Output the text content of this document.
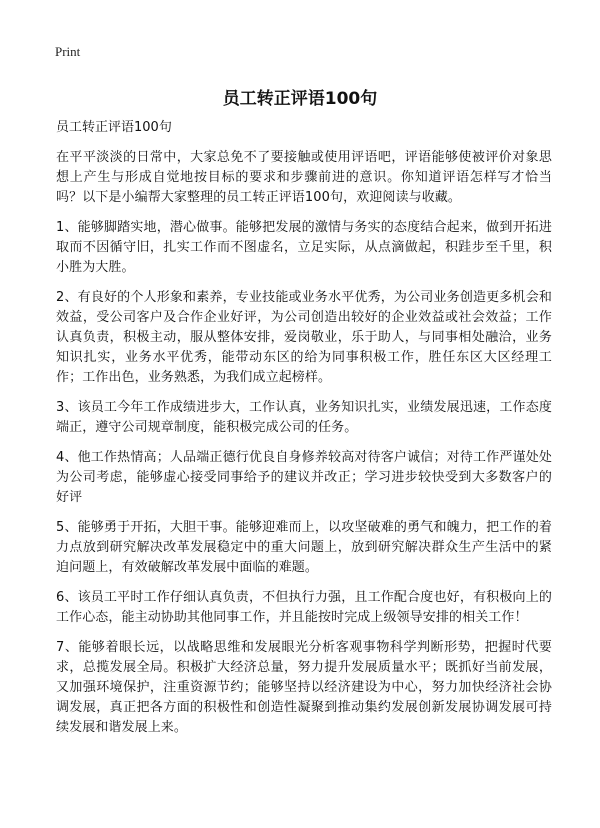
Print
员工转正评语100句

员工转正评语100句

在平平淡淡的日常中，大家总免不了要接触或使用评语吧，评语能够使被评价对象思想上产生与形成自觉地按目标的要求和步骤前进的意识。你知道评语怎样写才恰当吗？以下是小编帮大家整理的员工转正评语100句，欢迎阅读与收藏。

1、能够脚踏实地，潜心做事。能够把发展的激情与务实的态度结合起来，做到开拓进取而不因循守旧，扎实工作而不图虚名，立足实际，从点滴做起，积跬步至千里，积小胜为大胜。

2、有良好的个人形象和素养，专业技能或业务水平优秀，为公司业务创造更多机会和效益，受公司客户及合作企业好评，为公司创造出较好的企业效益或社会效益；工作认真负责，积极主动，服从整体安排，爱岗敬业，乐于助人，与同事相处融洽，业务知识扎实，业务水平优秀，能带动东区的给为同事积极工作，胜任东区大区经理工作；工作出色，业务熟悉，为我们成立起榜样。

3、该员工今年工作成绩进步大，工作认真，业务知识扎实，业绩发展迅速，工作态度端正，遵守公司规章制度，能积极完成公司的任务。

4、他工作热情高；人品端正德行优良自身修养较高对待客户诚信；对待工作严谨处处为公司考虑，能够虚心接受同事给予的建议并改正；学习进步较快受到大多数客户的好评

5、能够勇于开拓，大胆干事。能够迎难而上，以攻坚破难的勇气和魄力，把工作的着力点放到研究解决改革发展稳定中的重大问题上，放到研究解决群众生产生活中的紧迫问题上，有效破解改革发展中面临的难题。

6、该员工平时工作仔细认真负责，不但执行力强，且工作配合度也好，有积极向上的工作心态，能主动协助其他同事工作，并且能按时完成上级领导安排的相关工作！

7、能够着眼长远，以战略思维和发展眼光分析客观事物科学判断形势，把握时代要求，总揽发展全局。积极扩大经济总量，努力提升发展质量水平；既抓好当前发展，又加强环境保护，注重资源节约；能够坚持以经济建设为中心，努力加快经济社会协调发展，真正把各方面的积极性和创造性凝聚到推动集约发展创新发展协调发展可持续发展和谐发展上来。
